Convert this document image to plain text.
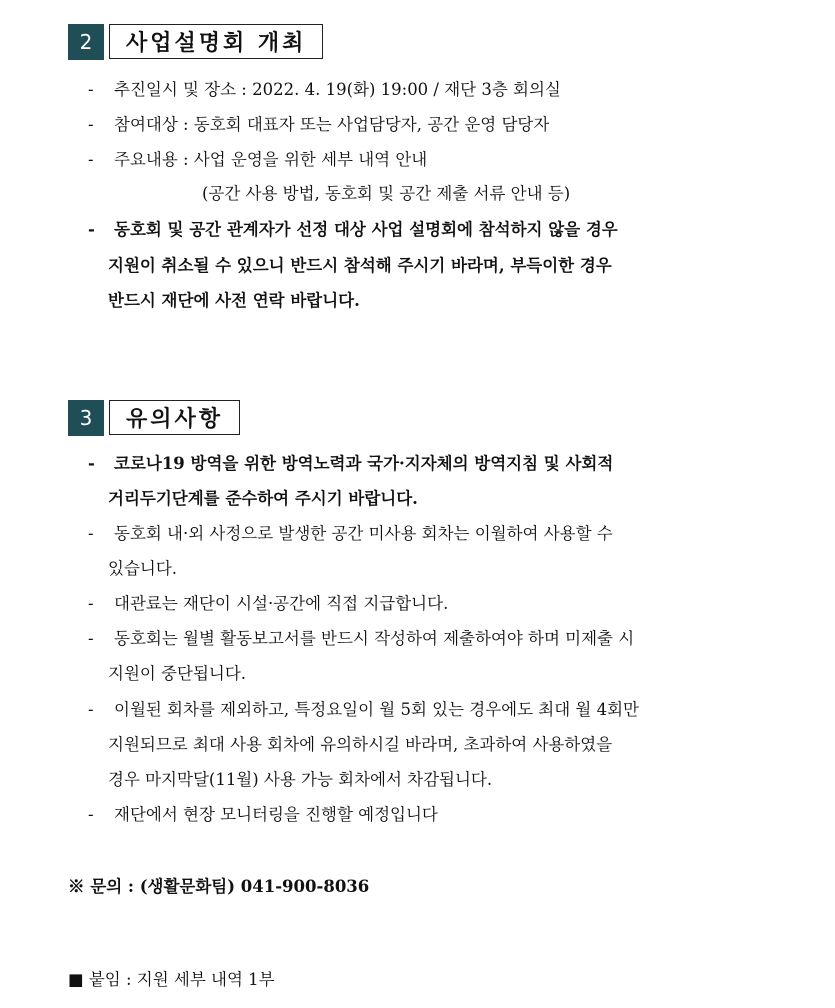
2	사업설명회 개최
- 추진일시 및 장소 : 2022. 4. 19(화) 19:00 / 재단 3층 회의실
- 참여대상 : 동호회 대표자 또는 사업담당자, 공간 운영 담당자
- 주요내용 : 사업 운영을 위한 세부 내역 안내
(공간 사용 방법, 동호회 및 공간 제출 서류 안내 등)
- 동호회 및 공간 관계자가 선정 대상 사업 설명회에 참석하지 않을 경우
지원이 취소될 수 있으니 반드시 참석해 주시기 바라며, 부득이한 경우
반드시 재단에 사전 연락 바랍니다.
3	유의사항
- 코로나19 방역을 위한 방역노력과 국가·지자체의 방역지침 및 사회적
거리두기단계를 준수하여 주시기 바랍니다.
- 동호회 내·외 사정으로 발생한 공간 미사용 회차는 이월하여 사용할 수
있습니다.
- 대관료는 재단이 시설·공간에 직접 지급합니다.
- 동호회는 월별 활동보고서를 반드시 작성하여 제출하여야 하며 미제출 시
지원이 중단됩니다.
- 이월된 회차를 제외하고, 특정요일이 월 5회 있는 경우에도 최대 월 4회만
지원되므로 최대 사용 회차에 유의하시길 바라며, 초과하여 사용하였을
경우 마지막달(11월) 사용 가능 회차에서 차감됩니다.
- 재단에서 현장 모니터링을 진행할 예정입니다
※ 문의 : (생활문화팀) 041-900-8036
■ 붙임 : 지원 세부 내역 1부
